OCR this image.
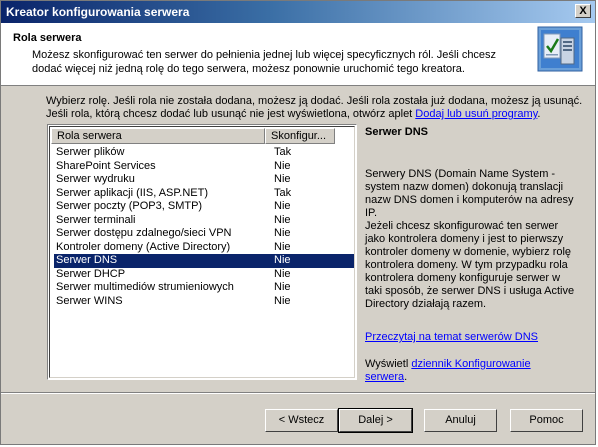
Kreator konfigurowania serwera	X
Rola serwera
Możesz skonfigurować ten serwer do pełnienia jednej lub więcej specyficznych ról. Jeśli chcesz dodać więcej niż jedną rolę do tego serwera, możesz ponownie uruchomić tego kreatora.
Wybierz rolę. Jeśli rola nie została dodana, możesz ją dodać. Jeśli rola została już dodana, możesz ją usunąć. Jeśli rola, którą chcesz dodać lub usunąć nie jest wyświetlona, otwórz aplet Dodaj lub usuń programy.
Rola serwera	Skonfigur...
Serwer plików	Tak
SharePoint Services	Nie
Serwer wydruku	Nie
Serwer aplikacji (IIS, ASP.NET)	Tak
Serwer poczty (POP3, SMTP)	Nie
Serwer terminali	Nie
Serwer dostępu zdalnego/sieci VPN	Nie
Kontroler domeny (Active Directory)	Nie
Serwer DNS	Nie
Serwer DHCP	Nie
Serwer multimediów strumieniowych	Nie
Serwer WINS	Nie
Serwer DNS
Serwery DNS (Domain Name System - system nazw domen) dokonują translacji nazw DNS domen i komputerów na adresy IP.
Jeżeli chcesz skonfigurować ten serwer jako kontrolera domeny i jest to pierwszy kontroler domeny w domenie, wybierz rolę kontrolera domeny. W tym przypadku rola kontrolera domeny konfiguruje serwer w taki sposób, że serwer DNS i usługa Active Directory działają razem.
Przeczytaj na temat serwerów DNS
Wyświetl dziennik Konfigurowanie serwera.
< Wstecz	Dalej >	Anuluj	Pomoc
